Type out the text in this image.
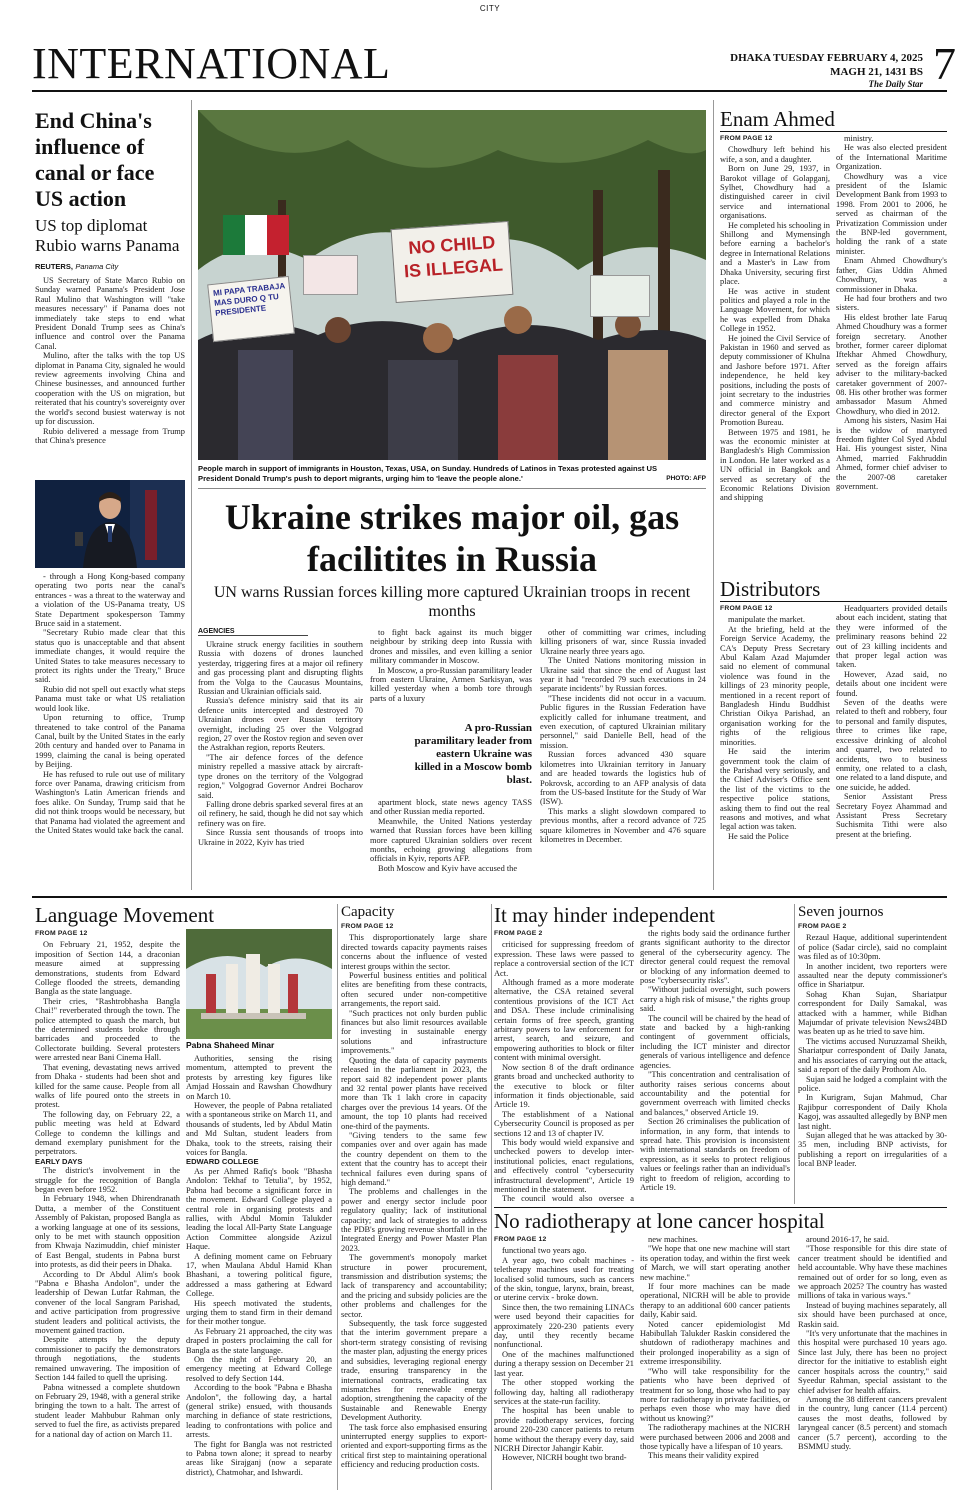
CITY
INTERNATIONAL	DHAKA TUESDAY FEBRUARY 4, 2025
MAGH 21, 1431 BS
The Daily Star 7
End China's influence of canal or face US action
US top diplomat Rubio warns Panama
REUTERS, Panama City

US Secretary of State Marco Rubio on Sunday warned Panama's President Jose Raul Mulino that Washington will "take measures necessary" if Panama does not immediately take steps to end what President Donald Trump sees as China's influence and control over the Panama Canal.

Mulino, after the talks with the top US diplomat in Panama City, signaled he would review agreements involving China and Chinese businesses, and announced further cooperation with the US on migration, but reiterated that his country's sovereignty over the world's second busiest waterway is not up for discussion.

Rubio delivered a message from Trump that China's presence

- through a Hong Kong-based company operating two ports near the canal's entrances - was a threat to the waterway and a violation of the US-Panama treaty, US State Department spokesperson Tammy Bruce said in a statement.

"Secretary Rubio made clear that this status quo is unacceptable and that absent immediate changes, it would require the United States to take measures necessary to protect its rights under the Treaty," Bruce said.

Rubio did not spell out exactly what steps Panama must take or what US retaliation would look like.

Upon returning to office, Trump threatened to take control of the Panama Canal, built by the United States in the early 20th century and handed over to Panama in 1999, claiming the canal is being operated by Beijing.

He has refused to rule out use of military force over Panama, drawing criticism from Washington's Latin American friends and foes alike. On Sunday, Trump said that he did not think troops would be necessary, but that Panama had violated the agreement and the United States would take back the canal.

NO CHILD IS ILLEGAL
MI PAPA TRABAJA MAS DURO Q TU PRESIDENTE
People march in support of immigrants in Houston, Texas, USA, on Sunday. Hundreds of Latinos in Texas protested against US President Donald Trump's push to deport migrants, urging him to 'leave the people alone.'	PHOTO: AFP
Ukraine strikes major oil, gas facilitites in Russia
UN warns Russian forces killing more captured Ukrainian troops in recent months
AGENCIES

Ukraine struck energy facilities in southern Russia with dozens of drones launched yesterday, triggering fires at a major oil refinery and gas processing plant and disrupting flights from the Volga to the Caucasus Mountains, Russian and Ukrainian officials said.

Russia's defence ministry said that its air defence units intercepted and destroyed 70 Ukrainian drones over Russian territory overnight, including 25 over the Volgograd region, 27 over the Rostov region and seven over the Astrakhan region, reports Reuters.

"The air defence forces of the defence ministry repelled a massive attack by aircraft-type drones on the territory of the Volgograd region," Volgograd Governor Andrei Bocharov said.

Falling drone debris sparked several fires at an oil refinery, he said, though he did not say which refinery was on fire.

Since Russia sent thousands of troops into Ukraine in 2022, Kyiv has tried

to fight back against its much bigger neighbour by striking deep into Russia with drones and missiles, and even killing a senior military commander in Moscow.

In Moscow, a pro-Russian paramilitary leader from eastern Ukraine, Armen Sarkisyan, was killed yesterday when a bomb tore through parts of a luxury

A pro-Russian paramilitary leader from eastern Ukraine was killed in a Moscow bomb blast.

apartment block, state news agency TASS and other Russian media reported.

Meanwhile, the United Nations yesterday warned that Russian forces have been killing more captured Ukrainian soldiers over recent months, echoing growing allegations from officials in Kyiv, reports AFP.

Both Moscow and Kyiv have accused the

other of committing war crimes, including killing prisoners of war, since Russia invaded Ukraine nearly three years ago.

The United Nations monitoring mission in Ukraine said that since the end of August last year it had "recorded 79 such executions in 24 separate incidents" by Russian forces.

"These incidents did not occur in a vacuum. Public figures in the Russian Federation have explicitly called for inhumane treatment, and even execution, of captured Ukrainian military personnel," said Danielle Bell, head of the mission.

Russian forces advanced 430 square kilometres into Ukrainian territory in January and are headed towards the logistics hub of Pokrovsk, according to an AFP analysis of data from the US-based Institute for the Study of War (ISW).

This marks a slight slowdown compared to previous months, after a record advance of 725 square kilometres in November and 476 square kilometres in December.

Enam Ahmed
FROM PAGE 12

Chowdhury left behind his wife, a son, and a daughter.

Born on June 29, 1937, in Barokot village of Golapganj, Sylhet, Chowdhury had a distinguished career in civil service and international organisations.

He completed his schooling in Shillong and Mymensingh before earning a bachelor's degree in International Relations and a Master's in Law from Dhaka University, securing first place.

He was active in student politics and played a role in the Language Movement, for which he was expelled from Dhaka College in 1952.

He joined the Civil Service of Pakistan in 1960 and served as deputy commissioner of Khulna and Jashore before 1971. After independence, he held key positions, including the posts of joint secretary to the industries and commerce ministry and director general of the Export Promotion Bureau.

Between 1975 and 1981, he was the economic minister at Bangladesh's High Commission in London. He later worked as a UN official in Bangkok and served as secretary of the Economic Relations Division and shipping

ministry.

He was also elected president of the International Maritime Organization.

Chowdhury was a vice president of the Islamic Development Bank from 1993 to 1998. From 2001 to 2006, he served as chairman of the Privatization Commission under the BNP-led government, holding the rank of a state minister.

Enam Ahmed Chowdhury's father, Gias Uddin Ahmed Chowdhury, was a commissioner in Dhaka.

He had four brothers and two sisters.

His eldest brother late Faruq Ahmed Choudhury was a former foreign secretary. Another brother, former career diplomat Iftekhar Ahmed Chowdhury, served as the foreign affairs adviser to the military-backed caretaker government of 2007-08. His other brother was former ambassador Masum Ahmed Chowdhury, who died in 2012.

Among his sisters, Nasim Hai is the widow of martyred freedom fighter Col Syed Abdul Hai. His youngest sister, Nina Ahmed, married Fakhruddin Ahmed, former chief adviser to the 2007-08 caretaker government.

Distributors
FROM PAGE 12

manipulate the market.

At the briefing, held at the Foreign Service Academy, the CA's Deputy Press Secretary Abul Kalam Azad Majumder said no element of communal violence was found in the killings of 23 minority people, mentioned in a recent report of Bangladesh Hindu Buddhist Christian Oikya Parishad, an organisation working for the rights of the religious minorities.

He said the interim government took the claim of the Parishad very seriously, and the Chief Adviser's Office sent the list of the victims to the respective police stations, asking them to find out the real reasons and motives, and what legal action was taken.

He said the Police

Headquarters provided details about each incident, stating that they were informed of the preliminary reasons behind 22 out of 23 killing incidents and that proper legal action was taken.

However, Azad said, no details about one incident were found.

Seven of the deaths were related to theft and robbery, four to personal and family disputes, three to crimes like rape, excessive drinking of alcohol and quarrel, two related to accidents, two to business enmity, one related to a clash, one related to a land dispute, and one suicide, he added.

Senior Assistant Press Secretary Foyez Ahammad and Assistant Press Secretary Suchismita Tithi were also present at the briefing.

Language Movement
FROM PAGE 12

On February 21, 1952, despite the imposition of Section 144, a draconian measure aimed at suppressing demonstrations, students from Edward College flooded the streets, demanding Bangla as the state language.

Their cries, "Rashtrobhasha Bangla Chai!" reverberated through the town. The police attempted to quash the march, but the determined students broke through barricades and proceeded to the Collectorate building. Several protesters were arrested near Bani Cinema Hall.

That evening, devastating news arrived from Dhaka - students had been shot and killed for the same cause. People from all walks of life poured onto the streets in protest.

The following day, on February 22, a public meeting was held at Edward College to condemn the killings and demand exemplary punishment for the perpetrators.

EARLY DAYS

The district's involvement in the struggle for the recognition of Bangla began even before 1952.

In February 1948, when Dhirendranath Dutta, a member of the Constituent Assembly of Pakistan, proposed Bangla as a working language at one of its sessions, only to be met with staunch opposition from Khwaja Nazimuddin, chief minister of East Bengal, students in Pabna burst into protests, as did their peers in Dhaka.

According to Dr Abdul Alim's book "Pabna e Bhasha Andolon", under the leadership of Dewan Lutfar Rahman, the convener of the local Sangram Parishad, and active participation from progressive student leaders and political activists, the movement gained traction.

Despite attempts by the deputy commissioner to pacify the demonstrators through negotiations, the students remained unwavering. The imposition of Section 144 failed to quell the uprising.

Pabna witnessed a complete shutdown on February 29, 1948, with a general strike bringing the town to a halt. The arrest of student leader Mahbubur Rahman only served to fuel the fire, as activists prepared for a national day of action on March 11.

Pabna Shaheed Minar

Authorities, sensing the rising momentum, attempted to prevent the protests by arresting key figures like Amjad Hossain and Rawshan Chowdhury on March 10.

However, the people of Pabna retaliated with a spontaneous strike on March 11, and thousands of students, led by Abdul Matin and Md Sultan, student leaders from Dhaka, took to the streets, raising their voices for Bangla.

EDWARD COLLEGE

As per Ahmed Rafiq's book "Bhasha Andolon: Tekhaf to Tetulia", by 1952, Pabna had become a significant force in the movement. Edward College played a central role in organising protests and rallies, with Abdul Momin Talukder leading the local All-Party State Language Action Committee alongside Azizul Haque.

A defining moment came on February 17, when Maulana Abdul Hamid Khan Bhashani, a towering political figure, addressed a mass gathering at Edward College.

His speech motivated the students, urging them to stand firm in their demand for their mother tongue.

As February 21 approached, the city was draped in posters proclaiming the call for Bangla as the state language.

On the night of February 20, an emergency meeting at Edward College resolved to defy Section 144.

According to the book "Pabna e Bhasha Andolon", the following day, a hartal (general strike) ensued, with thousands marching in defiance of state restrictions, leading to confrontations with police and arrests.

The fight for Bangla was not restricted to Pabna town alone; it spread to nearby areas like Sirajganj (now a separate district), Chatmohar, and Ishwardi.

Capacity
FROM PAGE 12

This disproportionately large share directed towards capacity payments raises concerns about the influence of vested interest groups within the sector.

Powerful business entities and political elites are benefiting from these contracts, often secured under non-competitive arrangements, the report said.

"Such practices not only burden public finances but also limit resources available for investing in sustainable energy solutions and infrastructure improvements."

Quoting the data of capacity payments released in the parliament in 2023, the report said 82 independent power plants and 32 rental power plants have received more than Tk 1 lakh crore in capacity charges over the previous 14 years. Of the amount, the top 10 plants had received one-third of the payments.

"Giving tenders to the same few companies over and over again has made the country dependent on them to the extent that the country has to accept their technical failures even during spans of high demand."

The problems and challenges in the power and energy sector include poor regulatory quality; lack of institutional capacity; and lack of strategies to address the PDB's growing revenue shortfall in the Integrated Energy and Power Master Plan 2023.

The government's monopoly market structure in power procurement, transmission and distribution systems; the lack of transparency and accountability; and the pricing and subsidy policies are the other problems and challenges for the sector.

Subsequently, the task force suggested that the interim government prepare a short-term strategy consisting of revising the master plan, adjusting the energy prices and subsidies, leveraging regional energy trade, ensuring transparency in the international contracts, eradicating tax mismatches for renewable energy adoption, strengthening the capacity of the Sustainable and Renewable Energy Development Authority.

The task force also emphasised ensuring uninterrupted energy supplies to export-oriented and export-supporting firms as the critical first step to maintaining operational efficiency and reducing production costs.

It may hinder independent
FROM PAGE 2

criticised for suppressing freedom of expression. These laws were passed to replace a controversial section of the ICT Act.

Although framed as a more moderate alternative, the CSA retained several contentious provisions of the ICT Act and DSA. These include criminalising certain forms of free speech, granting arbitrary powers to law enforcement for arrest, search, and seizure, and empowering authorities to block or filter content with minimal oversight.

Now section 8 of the draft ordinance grants broad and unchecked authority to the executive to block or filter information it finds objectionable, said Article 19.

The establishment of a National Cybersecurity Council is proposed as per sections 12 and 13 of chapter IV.

This body would wield expansive and unchecked powers to develop inter-institutional policies, enact regulations, and effectively control "cybersecurity infrastructural development", Article 19 mentioned in the statement.

The council would also oversee a

the rights body said the ordinance further grants significant authority to the director general of the cybersecurity agency. The director general could request the removal or blocking of any information deemed to pose "cybersecurity risks".

"Without judicial oversight, such powers carry a high risk of misuse," the rights group said.

The council will be chaired by the head of state and backed by a high-ranking contingent of government officials, including the ICT minister and director generals of various intelligence and defence agencies.

"This concentration and centralisation of authority raises serious concerns about accountability and the potential for government overreach with limited checks and balances," observed Article 19.

Section 26 criminalises the publication of information, in any form, that intends to spread hate. This provision is inconsistent with international standards on freedom of expression, as it seeks to protect religious values or feelings rather than an individual's right to freedom of religion, according to Article 19.

Seven journos
FROM PAGE 2

Rezaul Haque, additional superintendent of police (Sadar circle), said no complaint was filed as of 10:30pm.

In another incident, two reporters were assaulted near the deputy commissioner's office in Shariatpur.

Sohag Khan Sujan, Shariatpur correspondent for Daily Samakal, was attacked with a hammer, while Bidhan Majumdar of private television News24BD was beaten up as he tried to save him.

The victims accused Nuruzzamal Sheikh, Shariatpur correspondent of Daily Janata, and his associates of carrying out the attack, said a report of the daily Prothom Alo.

Sujan said he lodged a complaint with the police.

In Kurigram, Sujan Mahmud, Char Rajibpur correspondent of Daily Khola Kagoj, was assaulted allegedly by BNP men last night.

Sujan alleged that he was attacked by 30-35 men, including BNP activists, for publishing a report on irregularities of a local BNP leader.

No radiotherapy at lone cancer hospital
FROM PAGE 12

functional two years ago.

A year ago, two cobalt machines - teletherapy machines used for treating localised solid tumours, such as cancers of the skin, tongue, larynx, brain, breast, or uterine cervix - broke down.

Since then, the two remaining LINACs were used beyond their capacities for approximately 220-230 patients every day, until they recently became nonfunctional.

One of the machines malfunctioned during a therapy session on December 21 last year.

The other stopped working the following day, halting all radiotherapy services at the state-run facility.

The hospital has been unable to provide radiotherapy services, forcing around 220-230 cancer patients to return home without the therapy every day, said NICRH Director Jahangir Kabir.

However, NICRH bought two brand-

new machines.

"We hope that one new machine will start its operation today, and within the first week of March, we will start operating another new machine."

If four more machines can be made operational, NICRH will be able to provide therapy to an additional 600 cancer patients daily, Kabir said.

Noted cancer epidemiologist Md Habibullah Talukder Raskin considered the shutdown of radiotherapy machines and their prolonged inoperability as a sign of extreme irresponsibility.

"Who will take responsibility for the patients who have been deprived of treatment for so long, those who had to pay more for radiotherapy in private facilities, or perhaps even those who may have died without us knowing?"

The radiotherapy machines at the NICRH were purchased between 2006 and 2008 and those typically have a lifespan of 10 years.

This means their validity expired

around 2016-17, he said.

"Those responsible for this dire state of cancer treatment should be identified and held accountable. Why have these machines remained out of order for so long, even as we approach 2025? The country has wasted millions of taka in various ways."

Instead of buying machines separately, all six should have been purchased at once, Raskin said.

"It's very unfortunate that the machines in this hospital were purchased 10 years ago. Since last July, there has been no project director for the initiative to establish eight cancer hospitals across the country," said Syeedur Rahman, special assistant to the chief adviser for health affairs.

Among the 38 different cancers prevalent in the country, lung cancer (11.4 percent) causes the most deaths, followed by laryngeal cancer (8.5 percent) and stomach cancer (5.7 percent), according to the BSMMU study.
